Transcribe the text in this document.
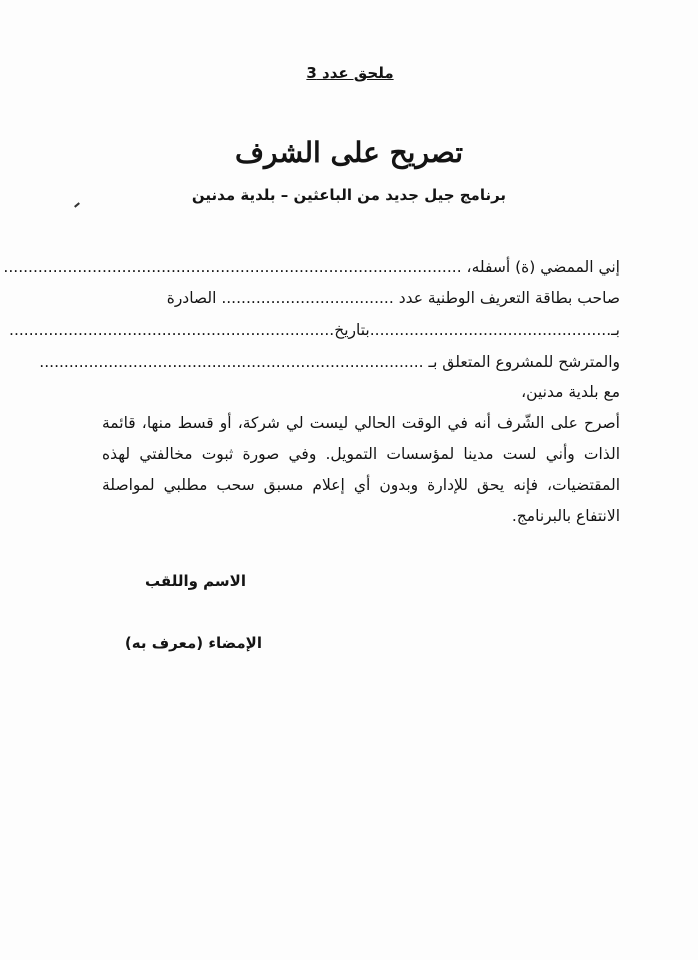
ملحق عدد 3
تصريح على الشرف
برنامج جيل جديد من الباعثين – بلدية مدنين
إني الممضي (ة) أسفله، .............................................................................................
صاحب بطاقة التعريف الوطنية عدد ................................... الصادرة
بـ.................................................بتاريخ..................................................................
والمترشح للمشروع المتعلق بـ ..............................................................................
مع بلدية مدنين،
أصرح على الشّرف أنه في الوقت الحالي ليست لي شركة، أو قسط منها، قائمة الذات وأني لست مدينا لمؤسسات التمويل. وفي صورة ثبوت مخالفتي لهذه المقتضيات، فإنه يحق للإدارة وبدون أي إعلام مسبق سحب مطلبي لمواصلة الانتفاع بالبرنامج.
الاسم واللقب
الإمضاء (معرف به)
